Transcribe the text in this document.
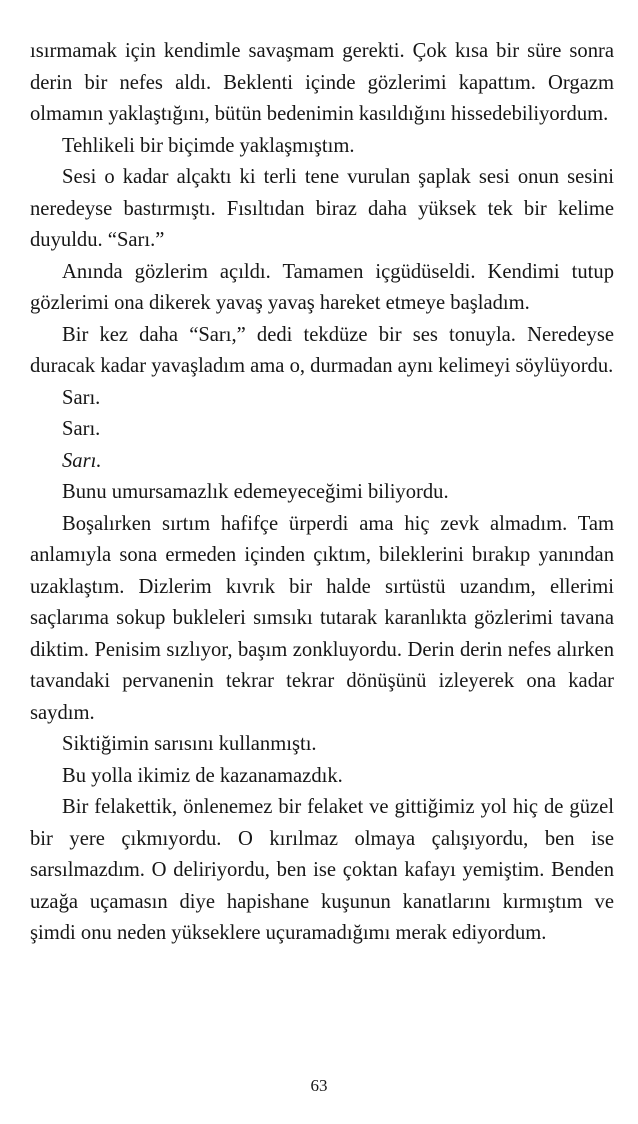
ısırmamak için kendimle savaşmam gerekti. Çok kısa bir süre sonra derin bir nefes aldı. Beklenti içinde gözlerimi kapattım. Orgazm olmamın yaklaştığını, bütün bedenimin kasıldığını hissedebiliyordum.

Tehlikeli bir biçimde yaklaşmıştım.

Sesi o kadar alçaktı ki terli tene vurulan şaplak sesi onun sesini neredeyse bastırmıştı. Fısıltıdan biraz daha yüksek tek bir kelime duyuldu. “Sarı.”

Anında gözlerim açıldı. Tamamen içgüdüseldi. Kendimi tutup gözlerimi ona dikerek yavaş yavaş hareket etmeye başladım.

Bir kez daha “Sarı,” dedi tekdüze bir ses tonuyla. Neredeyse duracak kadar yavaşladım ama o, durmadan aynı kelimeyi söylüyordu.

Sarı.

Sarı.

Sarı.

Bunu umursamazlık edemeyeceğimi biliyordu.

Boşalırken sırtım hafifçe ürperdi ama hiç zevk almadım. Tam anlamıyla sona ermeden içinden çıktım, bileklerini bırakıp yanından uzaklaştım. Dizlerim kıvrık bir halde sırtüstü uzandım, ellerimi saçlarıma sokup bukleleri sımsıkı tutarak karanlıkta gözlerimi tavana diktim. Penisim sızlıyor, başım zonkluyordu. Derin derin nefes alırken tavandaki pervanenin tekrar tekrar dönüşünü izleyerek ona kadar saydım.

Siktiğimin sarısını kullanmıştı.

Bu yolla ikimiz de kazanamazdık.

Bir felakettik, önlenemez bir felaket ve gittiğimiz yol hiç de güzel bir yere çıkmıyordu. O kırılmaz olmaya çalışıyordu, ben ise sarsılmazdım. O deliriyordu, ben ise çoktan kafayı yemiştim. Benden uzağa uçamasın diye hapishane kuşunun kanatlarını kırmıştım ve şimdi onu neden yükseklere uçuramadığımı merak ediyordum.

63
